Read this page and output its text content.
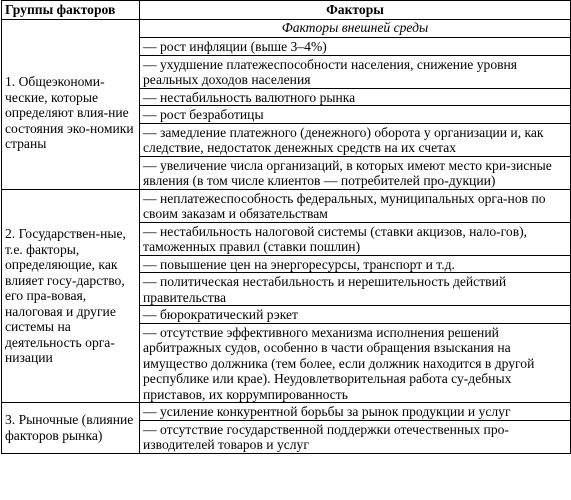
Группы факторов	Факторы
	Факторы внешней среды
1. Общеэкономи-ческие, которые определяют влия-ние состояния эко-номики страны	— рост инфляции (выше 3–4%)
	— ухудшение платежеспособности населения, снижение уровня реальных доходов населения
	— нестабильность валютного рынка
	— рост безработицы
	— замедление платежного (денежного) оборота у организации и, как следствие, недостаток денежных средств на их счетах
	— увеличение числа организаций, в которых имеют место кри-зисные явления (в том числе клиентов — потребителей про-дукции)
2. Государствен-ные, т.е. факторы, определяющие, как влияет госу-дарство, его пра-вовая, налоговая и другие системы на деятельность орга-низации	— неплатежеспособность федеральных, муниципальных орга-нов по своим заказам и обязательствам
	— нестабильность налоговой системы (ставки акцизов, нало-гов), таможенных правил (ставки пошлин)
	— повышение цен на энергоресурсы, транспорт и т.д.
	— политическая нестабильность и нерешительность действий правительства
	— бюрократический рэкет
	— отсутствие эффективного механизма исполнения решений арбитражных судов, особенно в части обращения взыскания на имущество должника (тем более, если должник находится в другой республике или крае). Неудовлетворительная работа су-дебных приставов, их коррумпированность
3. Рыночные (влияние факторов рынка)	— усиление конкурентной борьбы за рынок продукции и услуг
	— отсутствие государственной поддержки отечественных про-изводителей товаров и услуг
